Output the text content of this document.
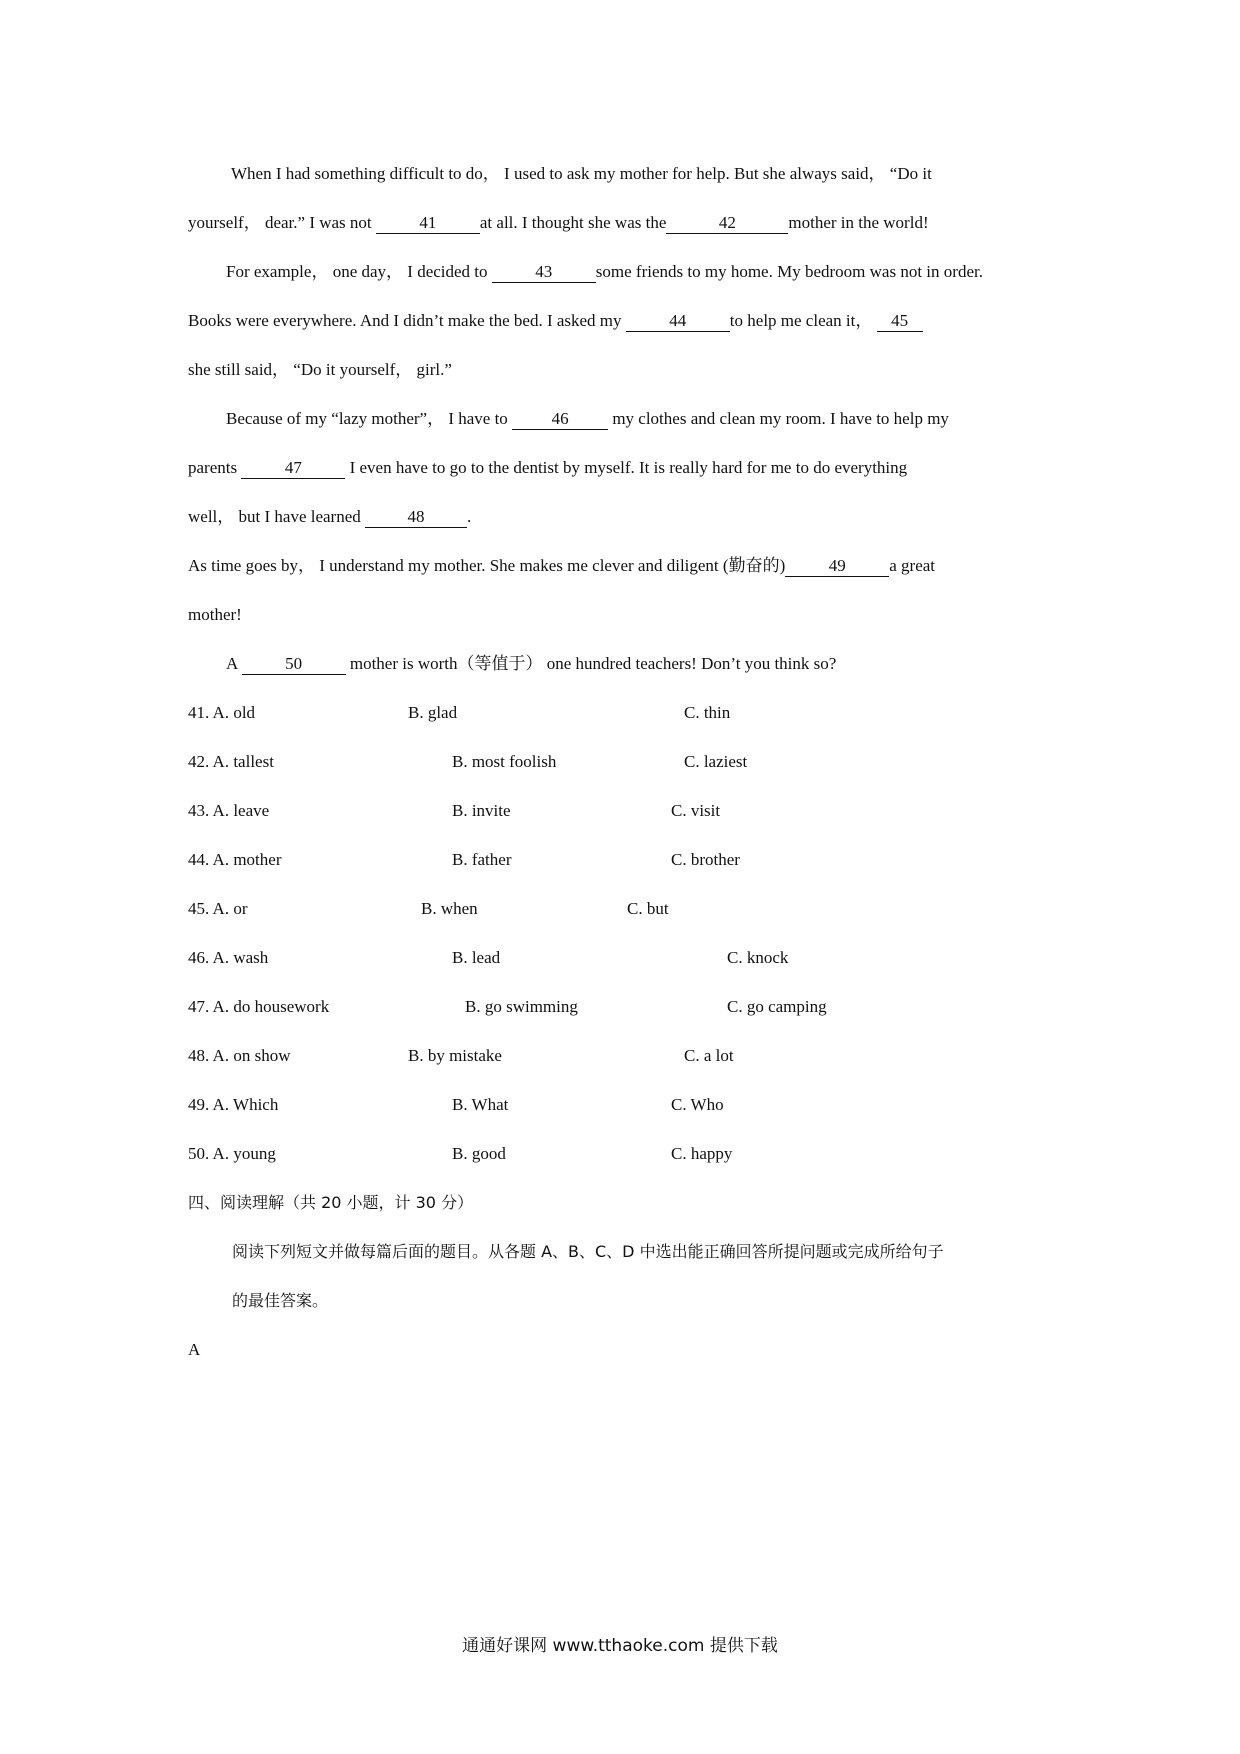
When I had something difficult to do， I used to ask my mother for help. But she always said， “Do it
yourself， dear.” I was not	41	at all. I thought she was the	42	mother in the world!
For example， one day， I decided to	43	some friends to my home. My bedroom was not in order.
Books were everywhere. And I didn’t make the bed. I asked my	44	to help me clean it， 45
she still said， “Do it yourself， girl.”
Because of my “lazy mother”， I have to 46 my clothes and clean my room. I have to help my
parents	47	I even have to go to the dentist by myself. It is really hard for me to do everything
well， but I have learned	48	.
As time goes by， I understand my mother. She makes me clever and diligent (勤奋的)	49	a great
mother!
A	50	mother is worth（等值于） one hundred teachers! Don’t you think so?
41. A. old	B. glad	C. thin
42. A. tallest	B. most foolish	C. laziest
43. A. leave	B. invite	C. visit
44. A. mother	B. father	C. brother
45. A. or	B. when	C. but
46. A. wash	B. lead	C. knock
47. A. do housework	B. go swimming	C. go camping
48. A. on show	B. by mistake	C. a lot
49. A. Which	B. What	C. Who
50. A. young	B. good	C. happy
四、阅读理解（共 20 小题，计 30 分）
阅读下列短文并做每篇后面的题目。从各题 A、B、C、D 中选出能正确回答所提问题或完成所给句子
的最佳答案。
A
通通好课网 www.tthaoke.com 提供下载
